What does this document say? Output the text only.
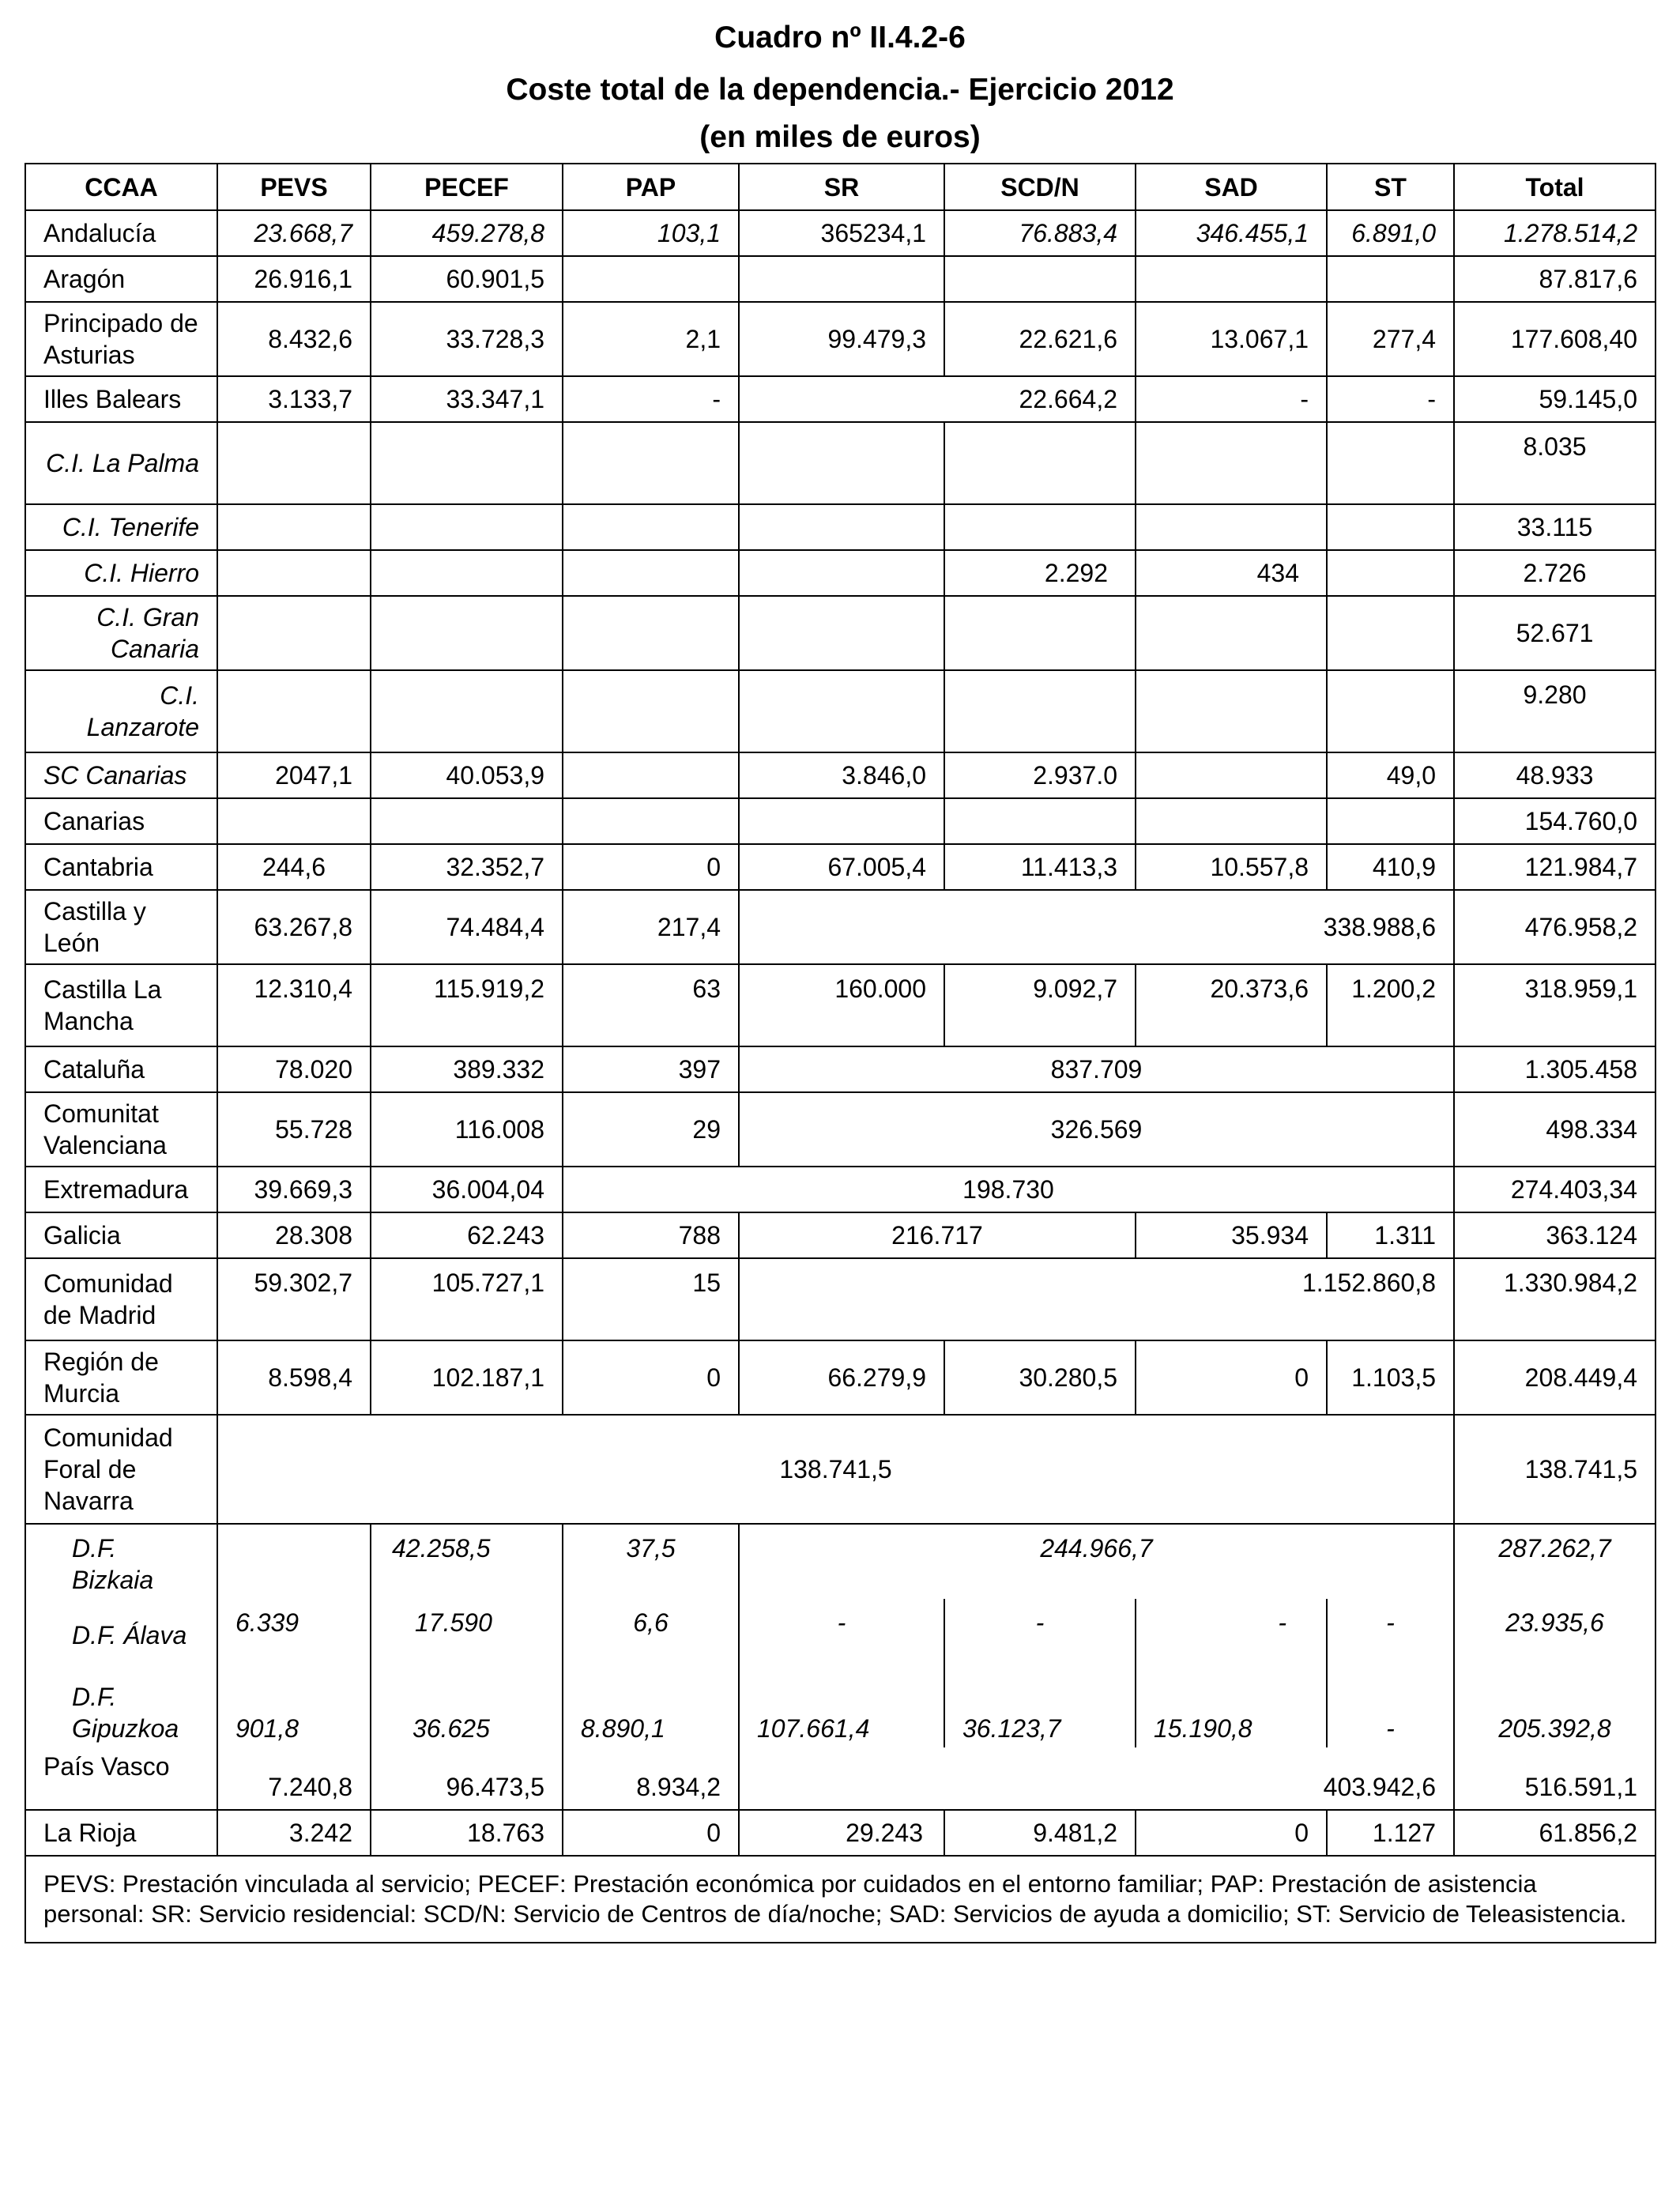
Cuadro nº II.4.2-6
Coste total de la dependencia.- Ejercicio 2012
(en miles de euros)
CCAA	PEVS	PECEF	PAP	SR	SCD/N	SAD	ST	Total
Andalucía	23.668,7	459.278,8	103,1	365234,1	76.883,4	346.455,1	6.891,0	1.278.514,2
Aragón	26.916,1	60.901,5						87.817,6
Principado de Asturias	8.432,6	33.728,3	2,1	99.479,3	22.621,6	13.067,1	277,4	177.608,40
Illes Balears	3.133,7	33.347,1	-	22.664,2		-	-	59.145,0
C.I. La Palma								8.035
C.I. Tenerife								33.115
C.I. Hierro					2.292	434		2.726
C.I. Gran Canaria								52.671
C.I. Lanzarote								9.280
SC Canarias	2047,1	40.053,9		3.846,0	2.937.0		49,0	48.933
Canarias								154.760,0
Cantabria	244,6	32.352,7	0	67.005,4	11.413,3	10.557,8	410,9	121.984,7
Castilla y León	63.267,8	74.484,4	217,4	338.988,6				476.958,2
Castilla La Mancha	12.310,4	115.919,2	63	160.000	9.092,7	20.373,6	1.200,2	318.959,1
Cataluña	78.020	389.332	397	837.709				1.305.458
Comunitat Valenciana	55.728	116.008	29	326.569				498.334
Extremadura	39.669,3	36.004,04	198.730					274.403,34
Galicia	28.308	62.243	788	216.717		35.934	1.311	363.124
Comunidad de Madrid	59.302,7	105.727,1	15	1.152.860,8				1.330.984,2
Región de Murcia	8.598,4	102.187,1	0	66.279,9	30.280,5	0	1.103,5	208.449,4
Comunidad Foral de Navarra	138.741,5							138.741,5
D.F. Bizkaia		42.258,5	37,5	244.966,7				287.262,7
D.F. Álava	6.339	17.590	6,6	-	-	-	-	23.935,6
D.F. Gipuzkoa	901,8	36.625	8.890,1	107.661,4	36.123,7	15.190,8	-	205.392,8
País Vasco	7.240,8	96.473,5	8.934,2	403.942,6				516.591,1
La Rioja	3.242	18.763	0	29.243	9.481,2	0	1.127	61.856,2
PEVS: Prestación vinculada al servicio; PECEF: Prestación económica por cuidados en el entorno familiar; PAP: Prestación de asistencia personal: SR: Servicio residencial: SCD/N: Servicio de Centros de día/noche; SAD: Servicios de ayuda a domicilio; ST: Servicio de Teleasistencia.								
